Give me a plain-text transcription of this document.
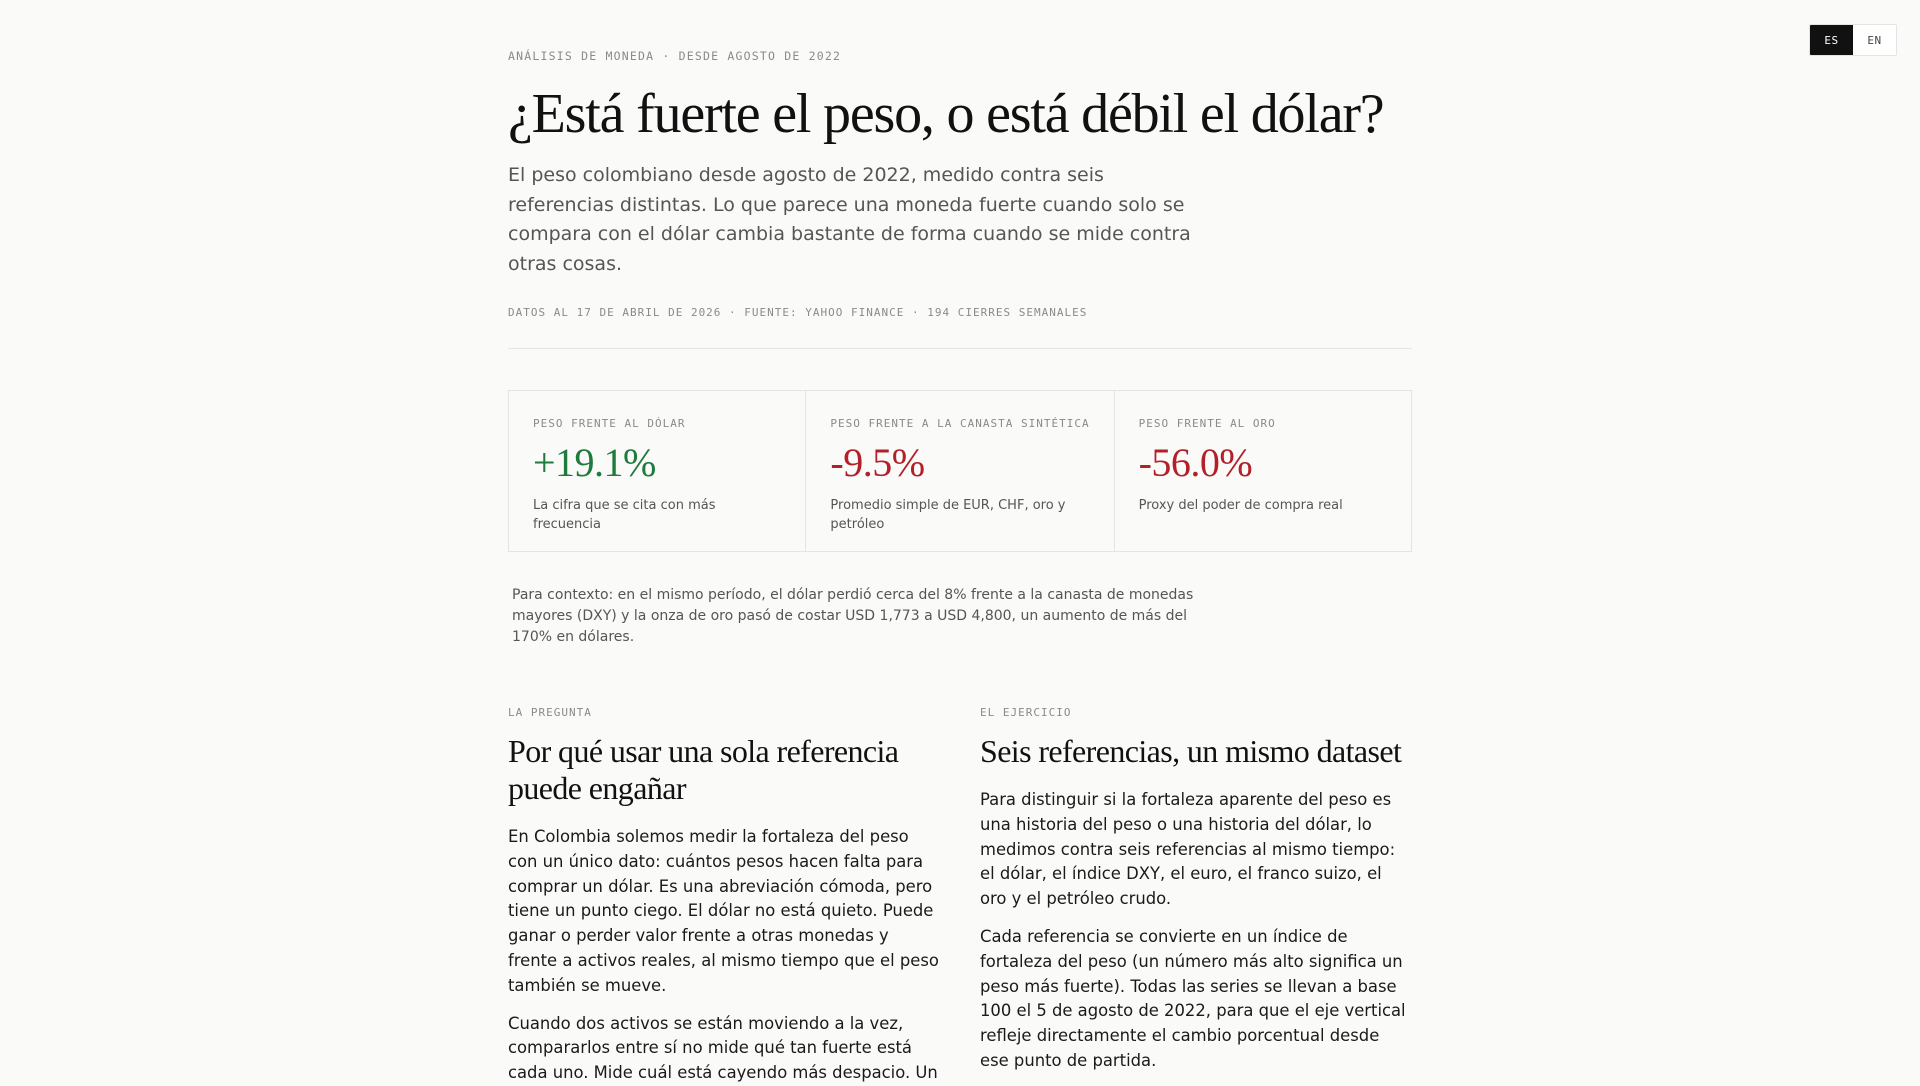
ES	EN
ANÁLISIS DE MONEDA · DESDE AGOSTO DE 2022
¿Está fuerte el peso, o está débil el dólar?

El peso colombiano desde agosto de 2022, medido contra seis referencias distintas. Lo que parece una moneda fuerte cuando solo se compara con el dólar cambia bastante de forma cuando se mide contra otras cosas.

DATOS AL 17 DE ABRIL DE 2026 · FUENTE: YAHOO FINANCE · 194 CIERRES SEMANALES
PESO FRENTE AL DÓLAR
+19.1%
La cifra que se cita con más frecuencia
PESO FRENTE A LA CANASTA SINTÉTICA
-9.5%
Promedio simple de EUR, CHF, oro y petróleo
PESO FRENTE AL ORO
-56.0%
Proxy del poder de compra real

Para contexto: en el mismo período, el dólar perdió cerca del 8% frente a la canasta de monedas mayores (DXY) y la onza de oro pasó de costar USD 1,773 a USD 4,800, un aumento de más del 170% en dólares.

LA PREGUNTA
Por qué usar una sola referencia puede engañar

En Colombia solemos medir la fortaleza del peso con un único dato: cuántos pesos hacen falta para comprar un dólar. Es una abreviación cómoda, pero tiene un punto ciego. El dólar no está quieto. Puede ganar o perder valor frente a otras monedas y frente a activos reales, al mismo tiempo que el peso también se mueve.

Cuando dos activos se están moviendo a la vez, compararlos entre sí no mide qué tan fuerte está cada uno. Mide cuál está cayendo más despacio. Un

EL EJERCICIO
Seis referencias, un mismo dataset

Para distinguir si la fortaleza aparente del peso es una historia del peso o una historia del dólar, lo medimos contra seis referencias al mismo tiempo: el dólar, el índice DXY, el euro, el franco suizo, el oro y el petróleo crudo.

Cada referencia se convierte en un índice de fortaleza del peso (un número más alto significa un peso más fuerte). Todas las series se llevan a base 100 el 5 de agosto de 2022, para que el eje vertical refleje directamente el cambio porcentual desde ese punto de partida.
